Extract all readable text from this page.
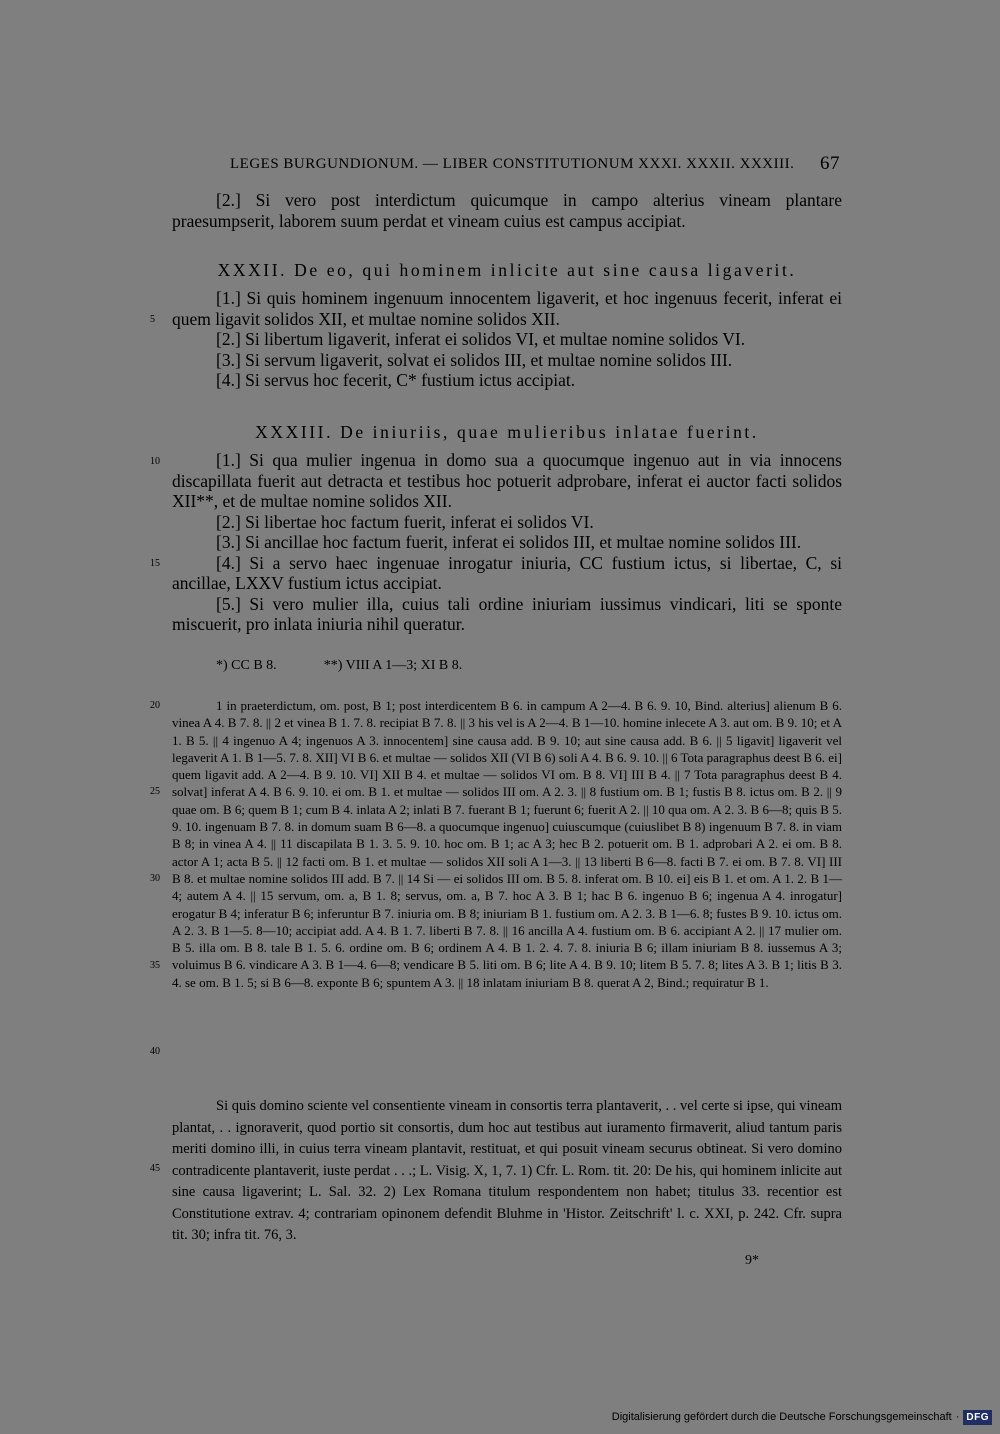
LEGES BURGUNDIONUM. — LIBER CONSTITUTIONUM XXXI. XXXII. XXXIII. 67
[2.] Si vero post interdictum quicumque in campo alterius vineam plantare praesumpserit, laborem suum perdat et vineam cuius est campus accipiat.

XXXII. De eo, qui hominem inlicite aut sine causa ligaverit.

[1.] Si quis hominem ingenuum innocentem ligaverit, et hoc ingenuus fecerit, inferat ei quem ligavit solidos XII, et multae nomine solidos XII.
[2.] Si libertum ligaverit, inferat ei solidos VI, et multae nomine solidos VI.
[3.] Si servum ligaverit, solvat ei solidos III, et multae nomine solidos III.
[4.] Si servus hoc fecerit, C* fustium ictus accipiat.

XXXIII. De iniuriis, quae mulieribus inlatae fuerint.

[1.] Si qua mulier ingenua in domo sua a quocumque ingenuo aut in via innocens discapillata fuerit aut detracta et testibus hoc potuerit adprobare, inferat ei auctor facti solidos XII**, et de multae nomine solidos XII.
[2.] Si libertae hoc factum fuerit, inferat ei solidos VI.
[3.] Si ancillae hoc factum fuerit, inferat ei solidos III, et multae nomine solidos III.
[4.] Si a servo haec ingenuae inrogatur iniuria, CC fustium ictus, si libertae, C, si ancillae, LXXV fustium ictus accipiat.
[5.] Si vero mulier illa, cuius tali ordine iniuriam iussimus vindicari, liti se sponte miscuerit, pro inlata iniuria nihil queratur.
*) CC B 8.	**) VIII A 1—3; XI B 8.
1 in praeterdictum, om. post, B 1; post interdicentem B 6. in campum A 2—4. B 6. 9. 10, Bind. alterius] alienum B 6. vinea A 4. B 7. 8. || 2 et vinea B 1. 7. 8. recipiat B 7. 8. || 3 his vel is A 2—4. B 1—10. homine inlecete A 3. aut om. B 9. 10; et A 1. B 5. || 4 ingenuo A 4; ingenuos A 3. innocentem] sine causa add. B 9. 10; aut sine causa add. B 6. || 5 ligavit] ligaverit vel legaverit A 1. B 1—5. 7. 8. XII] VI B 6. et multae — solidos XII (VI B 6) soli A 4. B 6. 9. 10. || 6 Tota paragraphus deest B 6. ei] quem ligavit add. A 2—4. B 9. 10. VI] XII B 4. et multae — solidos VI om. B 8. VI] III B 4. || 7 Tota paragraphus deest B 4. solvat] inferat A 4. B 6. 9. 10. ei om. B 1. et multae — solidos III om. A 2. 3. || 8 fustium om. B 1; fustis B 8. ictus om. B 2. || 9 quae om. B 6; quem B 1; cum B 4. inlata A 2; inlati B 7. fuerant B 1; fuerunt 6; fuerit A 2. || 10 qua om. A 2. 3. B 6—8; quis B 5. 9. 10. ingenuam B 7. 8. in domum suam B 6—8. a quocumque ingenuo] cuiuscumque (cuiuslibet B 8) ingenuum B 7. 8. in viam B 8; in vinea A 4. || 11 discapilata B 1. 3. 5. 9. 10. hoc om. B 1; ac A 3; hec B 2. potuerit om. B 1. adprobari A 2. ei om. B 8. actor A 1; acta B 5. || 12 facti om. B 1. et multae — solidos XII soli A 1—3. || 13 liberti B 6—8. facti B 7. ei om. B 7. 8. VI] III B 8. et multae nomine solidos III add. B 7. || 14 Si — ei solidos III om. B 5. 8. inferat om. B 10. ei] eis B 1. et om. A 1. 2. B 1—4; autem A 4. || 15 servum, om. a, B 1. 8; servus, om. a, B 7. hoc A 3. B 1; hac B 6. ingenuo B 6; ingenua A 4. inrogatur] erogatur B 4; inferatur B 6; inferuntur B 7. iniuria om. B 8; iniuriam B 1. fustium om. A 2. 3. B 1—6. 8; fustes B 9. 10. ictus om. A 2. 3. B 1—5. 8—10; accipiat add. A 4. B 1. 7. liberti B 7. 8. || 16 ancilla A 4. fustium om. B 6. accipiant A 2. || 17 mulier om. B 5. illa om. B 8. tale B 1. 5. 6. ordine om. B 6; ordinem A 4. B 1. 2. 4. 7. 8. iniuria B 6; illam iniuriam B 8. iussemus A 3; voluimus B 6. vindicare A 3. B 1—4. 6—8; vendicare B 5. liti om. B 6; lite A 4. B 9. 10; litem B 5. 7. 8; lites A 3. B 1; litis B 3. 4. se om. B 1. 5; si B 6—8. exponte B 6; spuntem A 3. || 18 inlatam iniuriam B 8. querat A 2, Bind.; requiratur B 1.
Si quis domino sciente vel consentiente vineam in consortis terra plantaverit, . . vel certe si ipse, qui vineam plantat, . . ignoraverit, quod portio sit consortis, dum hoc aut testibus aut iuramento firmaverit, aliud tantum paris meriti domino illi, in cuius terra vineam plantavit, restituat, et qui posuit vineam securus obtineat. Si vero domino contradicente plantaverit, iuste perdat . . .; L. Visig. X, 1, 7. 1) Cfr. L. Rom. tit. 20: De his, qui hominem inlicite aut sine causa ligaverint; L. Sal. 32. 2) Lex Romana titulum respondentem non habet; titulus 33. recentior est Constitutione extrav. 4; contrariam opinonem defendit Bluhme in 'Histor. Zeitschrift' l. c. XXI, p. 242. Cfr. supra tit. 30; infra tit. 76, 3.
9*
5
10
15
20
25
30
35
40
45
Digitalisierung gefördert durch die Deutsche Forschungsgemeinschaft · DFG
